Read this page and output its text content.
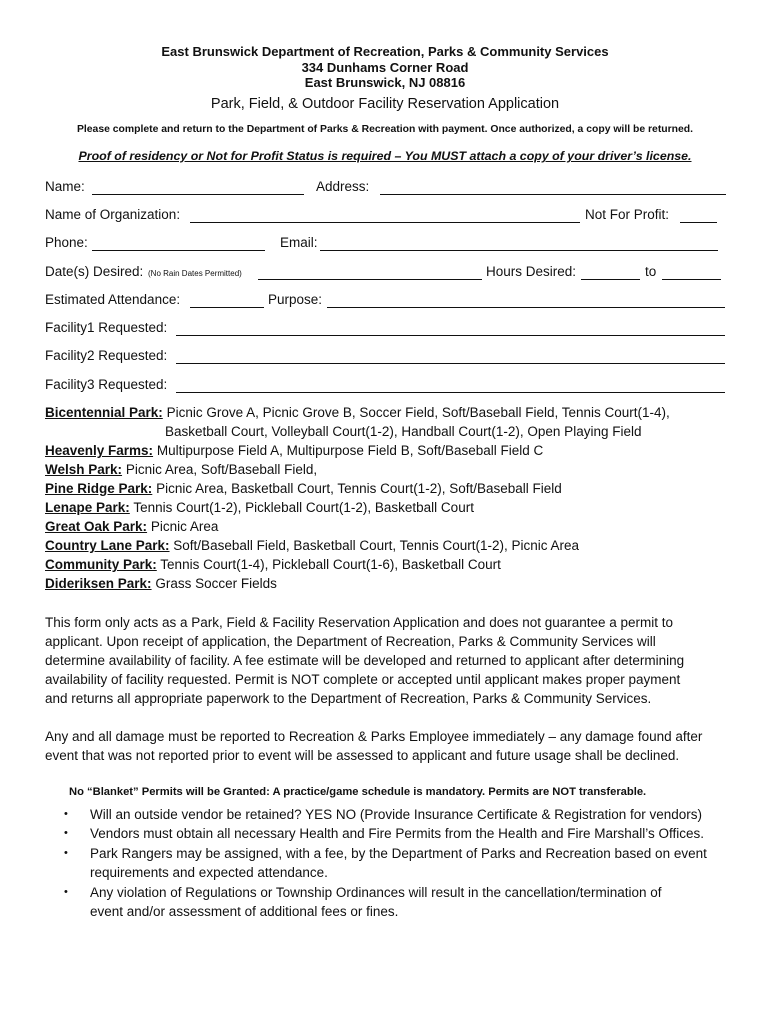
East Brunswick Department of Recreation, Parks & Community Services
334 Dunhams Corner Road
East Brunswick, NJ 08816
Park, Field, & Outdoor Facility Reservation Application
Please complete and return to the Department of Parks & Recreation with payment. Once authorized, a copy will be returned.
Proof of residency or Not for Profit Status is required – You MUST attach a copy of your driver’s license.
Name:	Address:
Name of Organization:	Not For Profit:
Phone:	Email:
Date(s) Desired: (No Rain Dates Permitted)	Hours Desired:	to
Estimated Attendance:	Purpose:
Facility1 Requested:
Facility2 Requested:
Facility3 Requested:
Bicentennial Park: Picnic Grove A, Picnic Grove B, Soccer Field, Soft/Baseball Field, Tennis Court(1-4),
Basketball Court, Volleyball Court(1-2), Handball Court(1-2), Open Playing Field
Heavenly Farms: Multipurpose Field A, Multipurpose Field B, Soft/Baseball Field C
Welsh Park: Picnic Area, Soft/Baseball Field,
Pine Ridge Park: Picnic Area, Basketball Court, Tennis Court(1-2), Soft/Baseball Field
Lenape Park: Tennis Court(1-2), Pickleball Court(1-2), Basketball Court
Great Oak Park: Picnic Area
Country Lane Park: Soft/Baseball Field, Basketball Court, Tennis Court(1-2), Picnic Area
Community Park: Tennis Court(1-4), Pickleball Court(1-6), Basketball Court
Dideriksen Park: Grass Soccer Fields
This form only acts as a Park, Field & Facility Reservation Application and does not guarantee a permit to
applicant. Upon receipt of application, the Department of Recreation, Parks & Community Services will
determine availability of facility. A fee estimate will be developed and returned to applicant after determining
availability of facility requested. Permit is NOT complete or accepted until applicant makes proper payment
and returns all appropriate paperwork to the Department of Recreation, Parks & Community Services.
Any and all damage must be reported to Recreation & Parks Employee immediately – any damage found after
event that was not reported prior to event will be assessed to applicant and future usage shall be declined.
No “Blanket” Permits will be Granted: A practice/game schedule is mandatory. Permits are NOT transferable.
• Will an outside vendor be retained? YES NO (Provide Insurance Certificate & Registration for vendors)
• Vendors must obtain all necessary Health and Fire Permits from the Health and Fire Marshall’s Offices.
• Park Rangers may be assigned, with a fee, by the Department of Parks and Recreation based on event
requirements and expected attendance.
• Any violation of Regulations or Township Ordinances will result in the cancellation/termination of
event and/or assessment of additional fees or fines.
